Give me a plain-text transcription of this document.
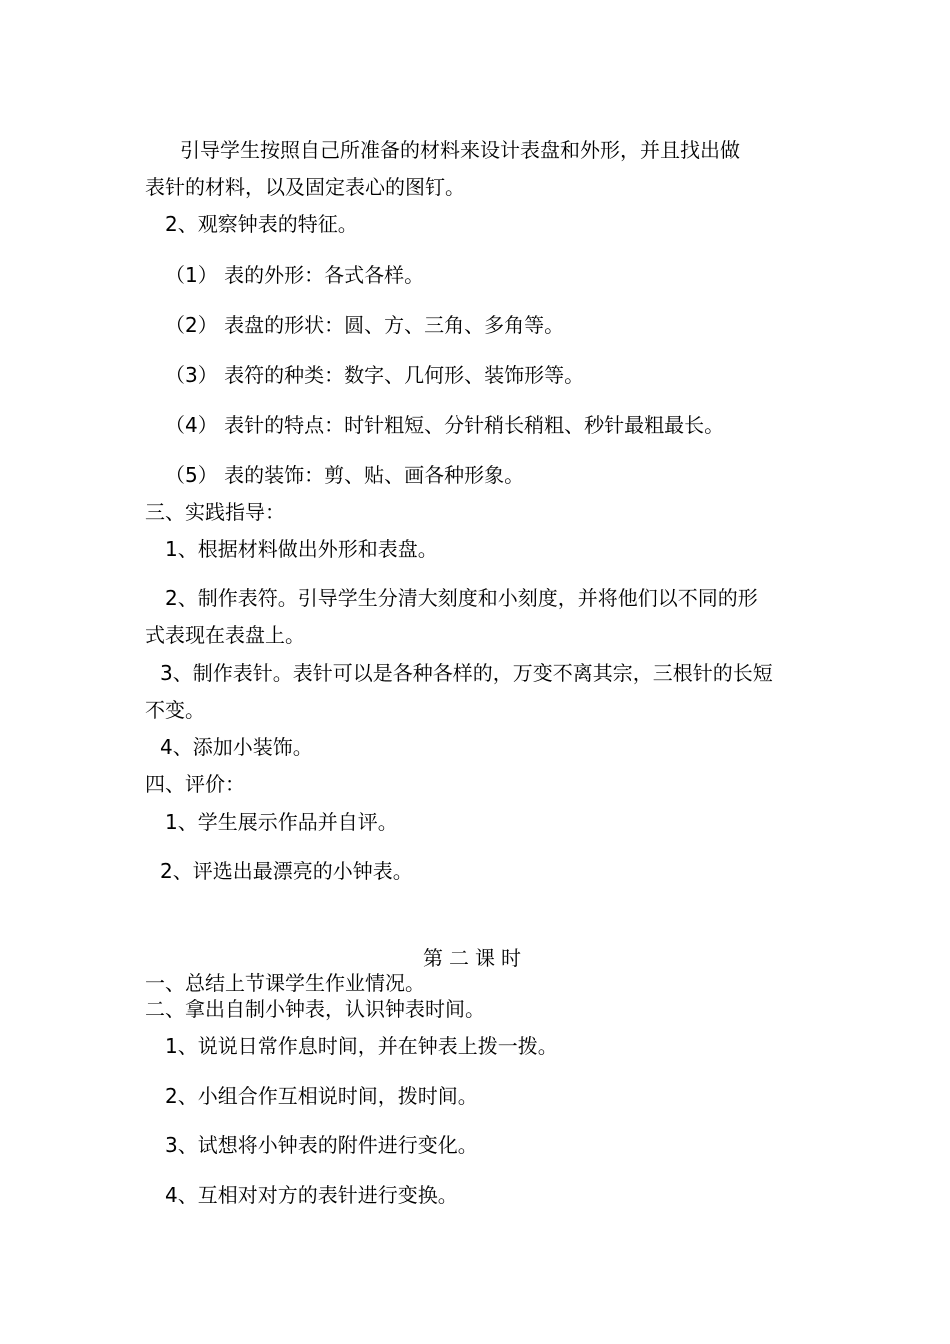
引导学生按照自己所准备的材料来设计表盘和外形，并且找出做
表针的材料，以及固定表心的图钉。
2、观察钟表的特征。
（1） 表的外形：各式各样。
（2） 表盘的形状：圆、方、三角、多角等。
（3） 表符的种类：数字、几何形、装饰形等。
（4） 表针的特点：时针粗短、分针稍长稍粗、秒针最粗最长。
（5） 表的装饰：剪、贴、画各种形象。
三、实践指导：
1、根据材料做出外形和表盘。
2、制作表符。引导学生分清大刻度和小刻度，并将他们以不同的形
式表现在表盘上。
3、制作表针。表针可以是各种各样的，万变不离其宗，三根针的长短
不变。
4、添加小装饰。
四、评价：
1、学生展示作品并自评。
2、评选出最漂亮的小钟表。
第二课时
一、总结上节课学生作业情况。
二、拿出自制小钟表，认识钟表时间。
1、说说日常作息时间，并在钟表上拨一拨。
2、小组合作互相说时间，拨时间。
3、试想将小钟表的附件进行变化。
4、互相对对方的表针进行变换。
